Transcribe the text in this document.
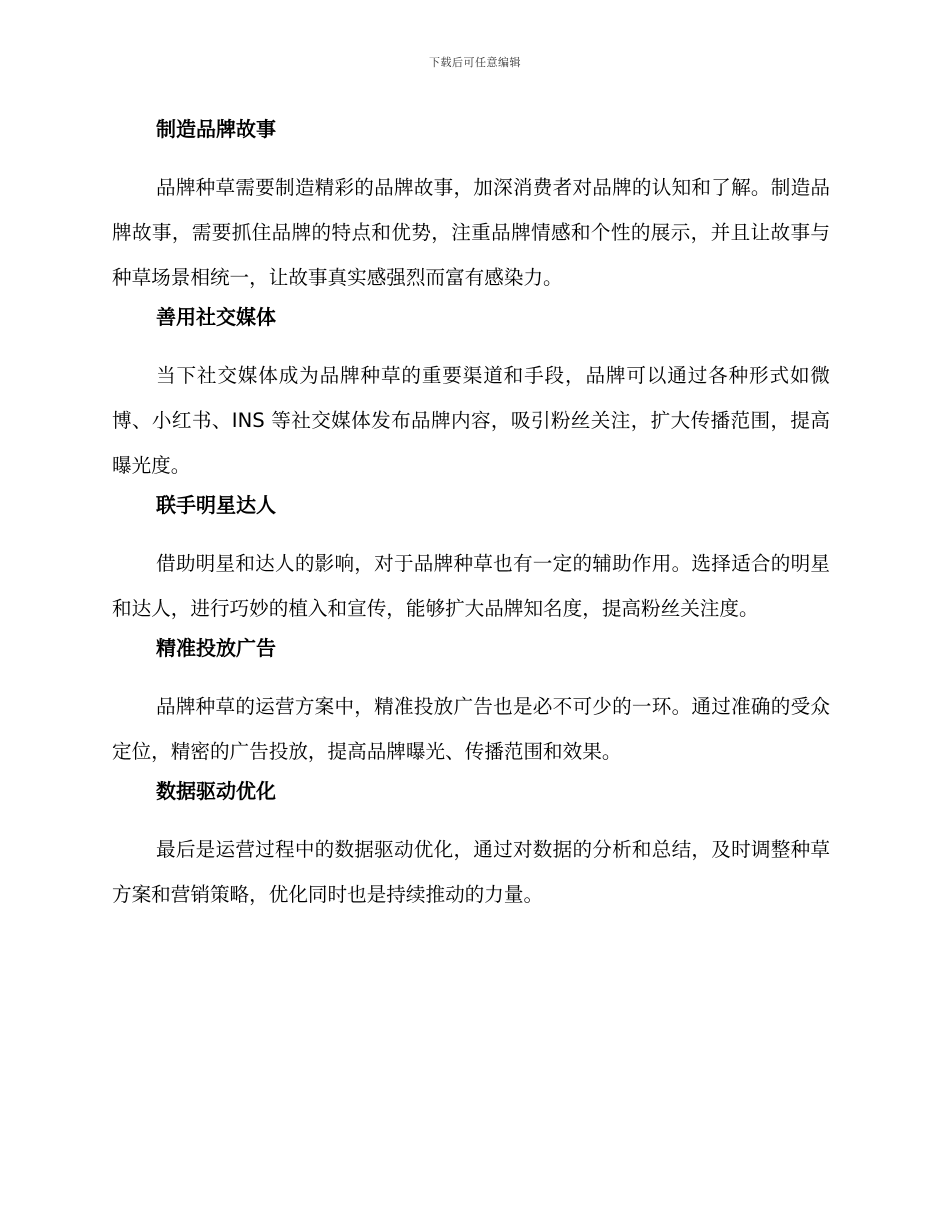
下载后可任意编辑
制造品牌故事

品牌种草需要制造精彩的品牌故事，加深消费者对品牌的认知和了解。制造品牌故事，需要抓住品牌的特点和优势，注重品牌情感和个性的展示，并且让故事与种草场景相统一，让故事真实感强烈而富有感染力。

善用社交媒体

当下社交媒体成为品牌种草的重要渠道和手段，品牌可以通过各种形式如微博、小红书、INS 等社交媒体发布品牌内容，吸引粉丝关注，扩大传播范围，提高曝光度。

联手明星达人

借助明星和达人的影响，对于品牌种草也有一定的辅助作用。选择适合的明星和达人，进行巧妙的植入和宣传，能够扩大品牌知名度，提高粉丝关注度。

精准投放广告

品牌种草的运营方案中，精准投放广告也是必不可少的一环。通过准确的受众定位，精密的广告投放，提高品牌曝光、传播范围和效果。

数据驱动优化

最后是运营过程中的数据驱动优化，通过对数据的分析和总结，及时调整种草方案和营销策略，优化同时也是持续推动的力量。
